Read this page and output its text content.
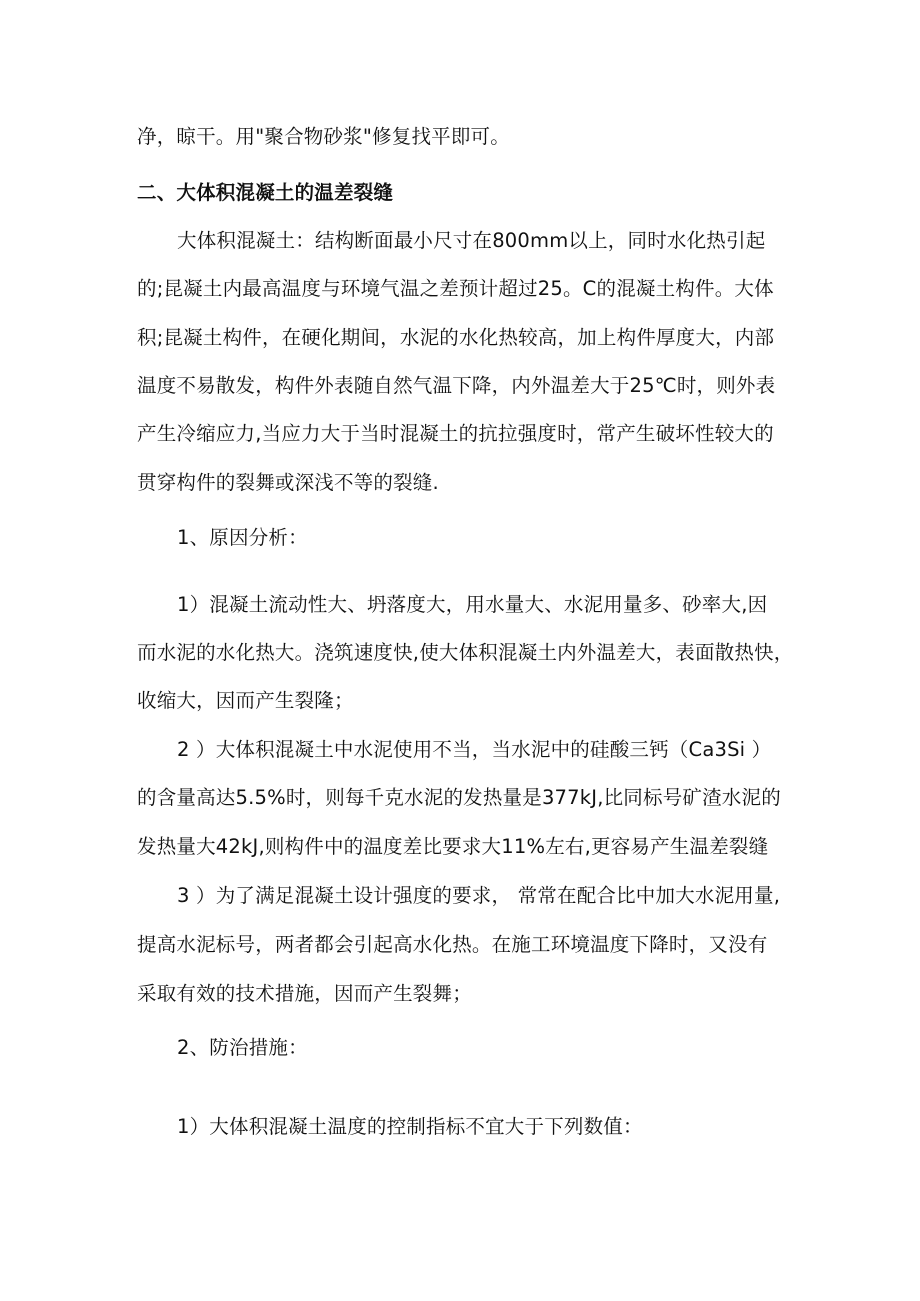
净，晾干。用"聚合物砂浆"修复找平即可。
二、大体积混凝土的温差裂缝
大体积混凝土：结构断面最小尺寸在800mm以上，同时水化热引起
的;昆凝土内最高温度与环境气温之差预计超过25。C的混凝土构件。大体
积;昆凝土构件，在硬化期间，水泥的水化热较高，加上构件厚度大，内部
温度不易散发，构件外表随自然气温下降，内外温差大于25℃时，则外表
产生冷缩应力,当应力大于当时混凝土的抗拉强度时，常产生破坏性较大的
贯穿构件的裂舞或深浅不等的裂缝.
1、原因分析：
1）混凝土流动性大、坍落度大，用水量大、水泥用量多、砂率大,因
而水泥的水化热大。浇筑速度快,使大体积混凝土内外温差大，表面散热快，
收缩大，因而产生裂隆；
2 ）大体积混凝土中水泥使用不当，当水泥中的硅酸三钙（Ca3Si ）
的含量高达5.5%时，则每千克水泥的发热量是377kJ,比同标号矿渣水泥的
发热量大42kJ,则构件中的温度差比要求大11%左右,更容易产生温差裂缝
3 ）为了满足混凝土设计强度的要求， 常常在配合比中加大水泥用量,
提高水泥标号，两者都会引起高水化热。在施工环境温度下降时，又没有
采取有效的技术措施，因而产生裂舞；
2、防治措施：
1）大体积混凝土温度的控制指标不宜大于下列数值：
